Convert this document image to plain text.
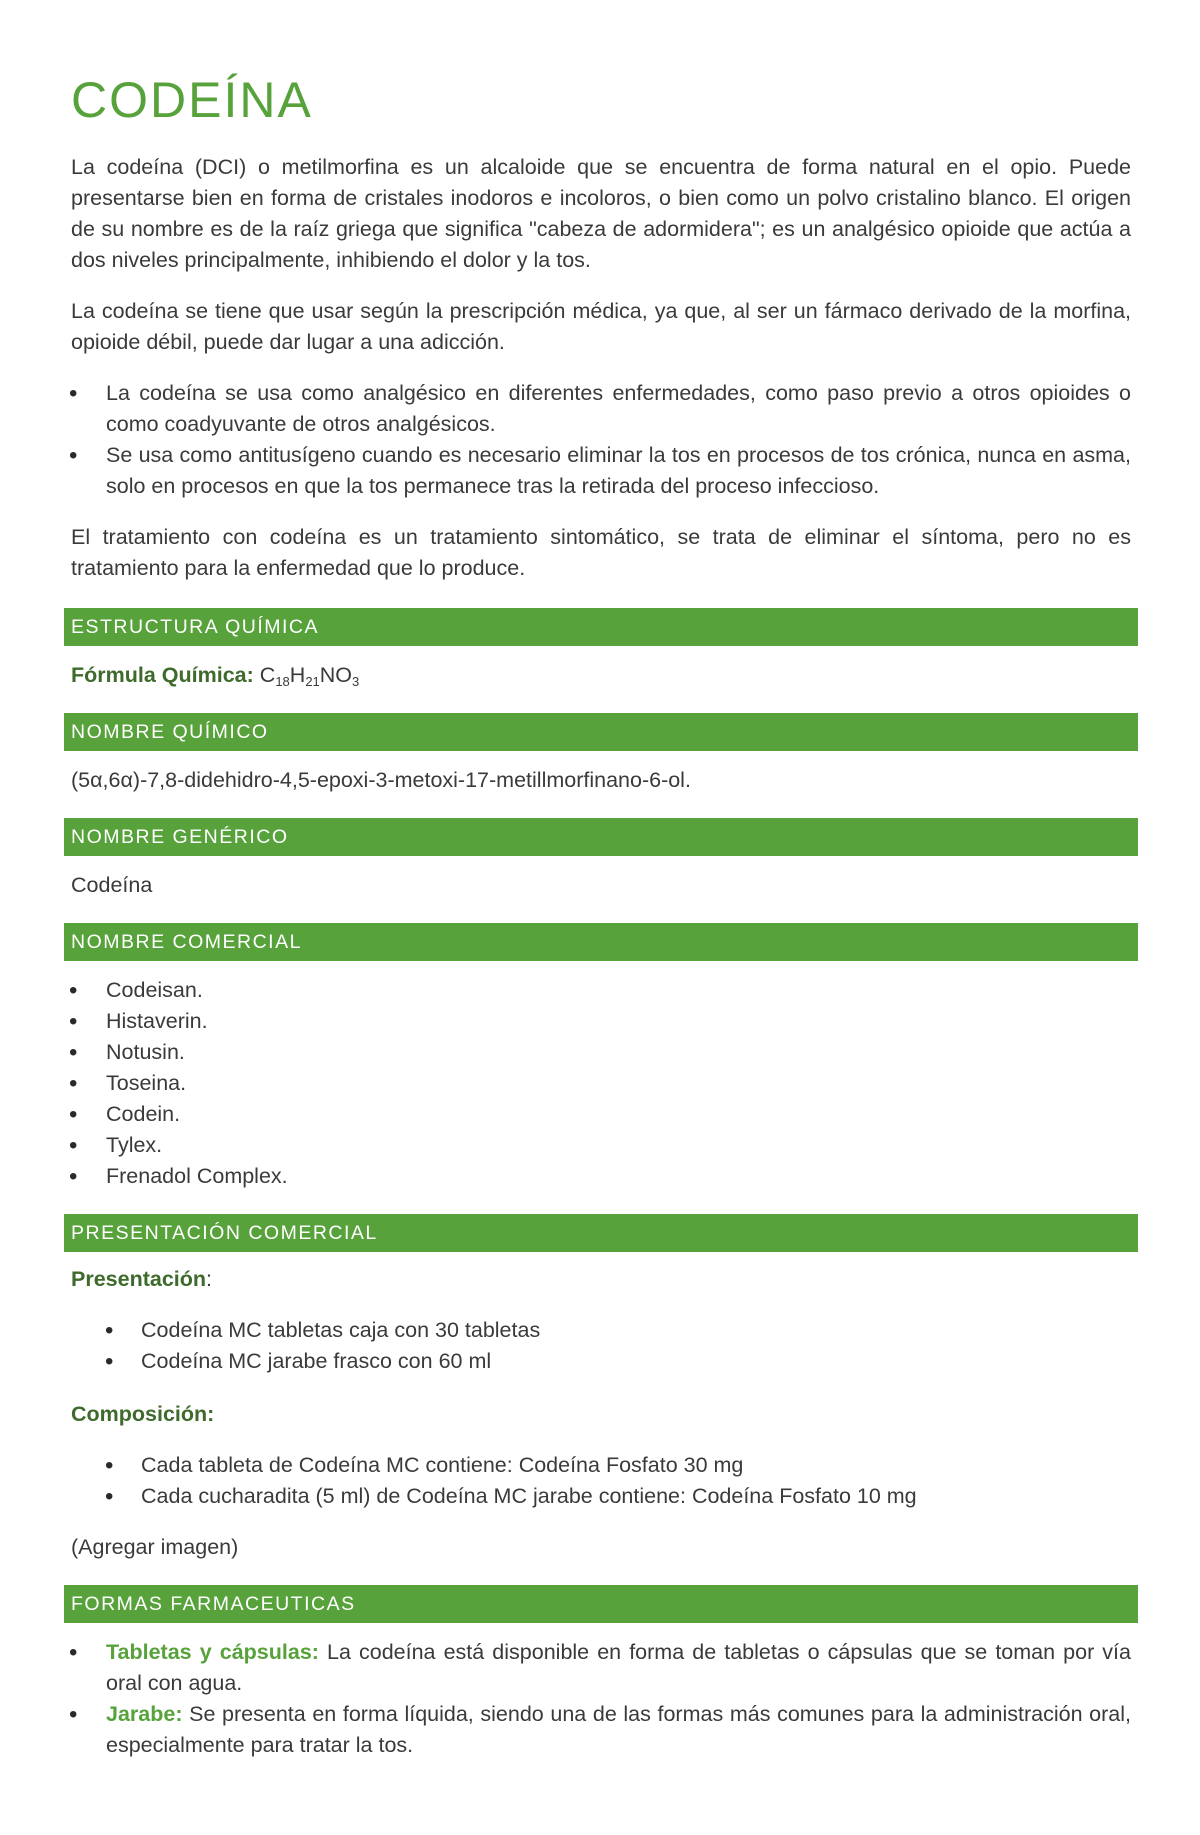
CODEÍNA

La codeína (DCI) o metilmorfina es un alcaloide que se encuentra de forma natural en el opio. Puede presentarse bien en forma de cristales inodoros e incoloros, o bien como un polvo cristalino blanco. El origen de su nombre es de la raíz griega que significa "cabeza de adormidera"; es un analgésico opioide que actúa a dos niveles principalmente, inhibiendo el dolor y la tos.

La codeína se tiene que usar según la prescripción médica, ya que, al ser un fármaco derivado de la morfina, opioide débil, puede dar lugar a una adicción.

• La codeína se usa como analgésico en diferentes enfermedades, como paso previo a otros opioides o como coadyuvante de otros analgésicos.
• Se usa como antitusígeno cuando es necesario eliminar la tos en procesos de tos crónica, nunca en asma, solo en procesos en que la tos permanece tras la retirada del proceso infeccioso.

El tratamiento con codeína es un tratamiento sintomático, se trata de eliminar el síntoma, pero no es tratamiento para la enfermedad que lo produce.

ESTRUCTURA QUÍMICA

Fórmula Química: $C_{18}H_{21}NO_3$

NOMBRE QUÍMICO

(5α,6α)-7,8-didehidro-4,5-epoxi-3-metoxi-17-metillmorfinano-6-ol.

NOMBRE GENÉRICO

Codeína

NOMBRE COMERCIAL
• Codeisan.
• Histaverin.
• Notusin.
• Toseina.
• Codein.
• Tylex.
• Frenadol Complex.
PRESENTACIÓN COMERCIAL

Presentación:

• Codeína MC tabletas caja con 30 tabletas
• Codeína MC jarabe frasco con 60 ml

Composición:

• Cada tableta de Codeína MC contiene: Codeína Fosfato 30 mg
• Cada cucharadita (5 ml) de Codeína MC jarabe contiene: Codeína Fosfato 10 mg

(Agregar imagen)

FORMAS FARMACEUTICAS
• Tabletas y cápsulas: La codeína está disponible en forma de tabletas o cápsulas que se toman por vía oral con agua.
• Jarabe: Se presenta en forma líquida, siendo una de las formas más comunes para la administración oral, especialmente para tratar la tos.
